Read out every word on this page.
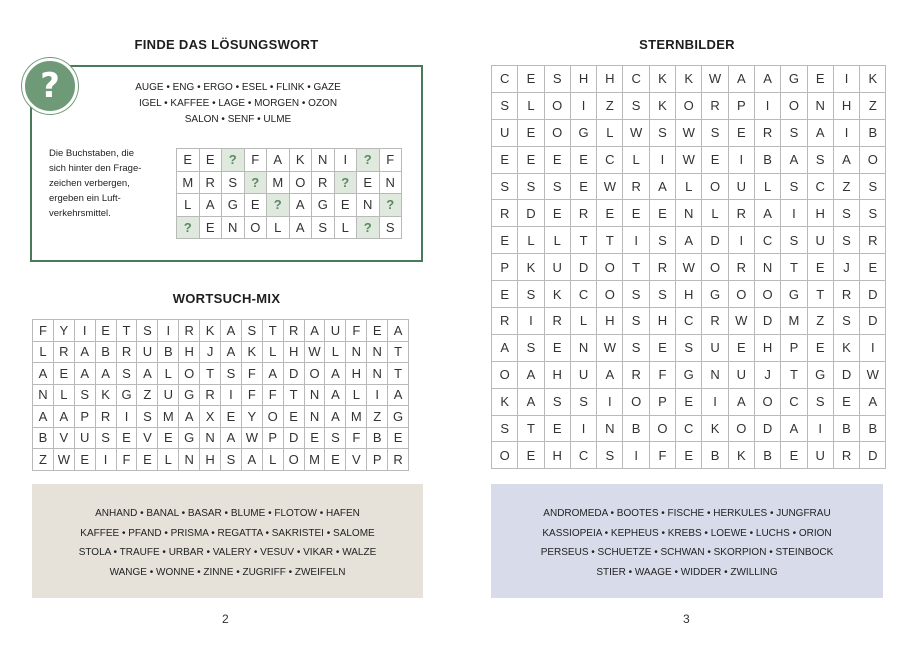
FINDE DAS LÖSUNGSWORT
?	AUGE • ENG • ERGO • ESEL • FLINK • GAZE
IGEL • KAFFEE • LAGE • MORGEN • OZON
SALON • SENF • ULME
Die Buchstaben, die
sich hinter den Frage-
zeichen verbergen,
ergeben ein Luft-
verkehrsmittel.
E	E	?	F	A	K	N	I	?	F
M	R	S	?	M	O	R	?	E	N
L	A	G	E	?	A	G	E	N	?
?	E	N	O	L	A	S	L	?	S
WORTSUCH-MIX
F	Y	I	E	T	S	I	R	K	A	S	T	R	A	U	F	E	A
L	R	A	B	R	U	B	H	J	A	K	L	H	W	L	N	N	T
A	E	A	A	S	A	L	O	T	S	F	A	D	O	A	H	N	T
N	L	S	K	G	Z	U	G	R	I	F	F	T	N	A	L	I	A
A	A	P	R	I	S	M	A	X	E	Y	O	E	N	A	M	Z	G
B	V	U	S	E	V	E	G	N	A	W	P	D	E	S	F	B	E
Z	W	E	I	F	E	L	N	H	S	A	L	O	M	E	V	P	R
ANHAND • BANAL • BASAR • BLUME • FLOTOW • HAFEN
KAFFEE • PFAND • PRISMA • REGATTA • SAKRISTEI • SALOME
STOLA • TRAUFE • URBAR • VALERY • VESUV • VIKAR • WALZE
WANGE • WONNE • ZINNE • ZUGRIFF • ZWEIFELN
2
STERNBILDER
C	E	S	H	H	C	K	K	W	A	A	G	E	I	K
S	L	O	I	Z	S	K	O	R	P	I	O	N	H	Z
U	E	O	G	L	W	S	W	S	E	R	S	A	I	B
E	E	E	E	C	L	I	W	E	I	B	A	S	A	O
S	S	S	E	W	R	A	L	O	U	L	S	C	Z	S
R	D	E	R	E	E	E	N	L	R	A	I	H	S	S
E	L	L	T	T	I	S	A	D	I	C	S	U	S	R
P	K	U	D	O	T	R	W	O	R	N	T	E	J	E
E	S	K	C	O	S	S	H	G	O	O	G	T	R	D
R	I	R	L	H	S	H	C	R	W	D	M	Z	S	D
A	S	E	N	W	S	E	S	U	E	H	P	E	K	I
O	A	H	U	A	R	F	G	N	U	J	T	G	D	W
K	A	S	S	I	O	P	E	I	A	O	C	S	E	A
S	T	E	I	N	B	O	C	K	O	D	A	I	B	B
O	E	H	C	S	I	F	E	B	K	B	E	U	R	D
ANDROMEDA • BOOTES • FISCHE • HERKULES • JUNGFRAU
KASSIOPEIA • KEPHEUS • KREBS • LOEWE • LUCHS • ORION
PERSEUS • SCHUETZE • SCHWAN • SKORPION • STEINBOCK
STIER • WAAGE • WIDDER • ZWILLING
3
